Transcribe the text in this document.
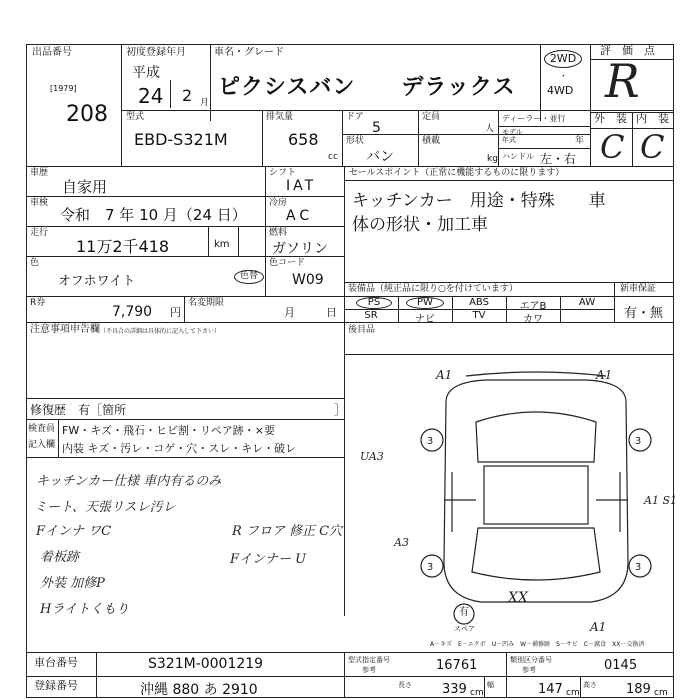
出品番号
[1979]
208
初度登録年月
平成
24 2 月
車名・グレード
ピクシスバン　　デラックス
2WD
・
4WD
評　価　点
R
型式
EBD-S321M
排気量
658
cc
ドア
5
形状
バン
定員
人
積載
kg
ディーラー・並行
モデル
年式	年
ハンドル 左・右
外　装 内　装
C C
車歴
自家用
車検
令和　7 年 10 月（24 日）
走行
11万2千418	km
色
オフホワイト	色替
シフト
IAT
冷房
AC
燃料
ガソリン
色コード
W09
R券
7,790 円
名変期限
月	日
注意事項申告欄 （不具合の詳細は具体的に記入して下さい）
修復歴　有［箇所	］
検査員
記入欄
FW・キズ・飛石・ヒビ割・リペア跡・×要
内装 キズ・汚レ・コゲ・穴・スレ・キレ・破レ
キッチンカー仕様 車内有るのみ
ミート、天張リスレ汚レ
Fインナ ワC	R フロア 修正 C穴
着板跡	Fインナー U
外装 加修P
Hライトくもり
セールスポイント（正常に機能するものに限ります）
キッチンカー　用途・特殊　　車
体の形状・加工車
装備品（純正品に限り○を付けています）	新車保証
有・無
PS	PW	ABS	エアB	AW
SR	ナビ	TV	カワ
後目品
3	3
3	3
A1	A1
UA3
A1 S1
A3
XX
A1
有
スペア
A－キズ　E－エクボ　U－凹み　W－補修跡　S－サビ　C－腐食　XX－交換済
車台番号	S321M-0001219
登録番号	沖縄 880 あ 2910
型式指定番号
参考	16761	類別区分番号
参考	0145
長さ 339 cm
幅	147 cm
高さ 189 cm
